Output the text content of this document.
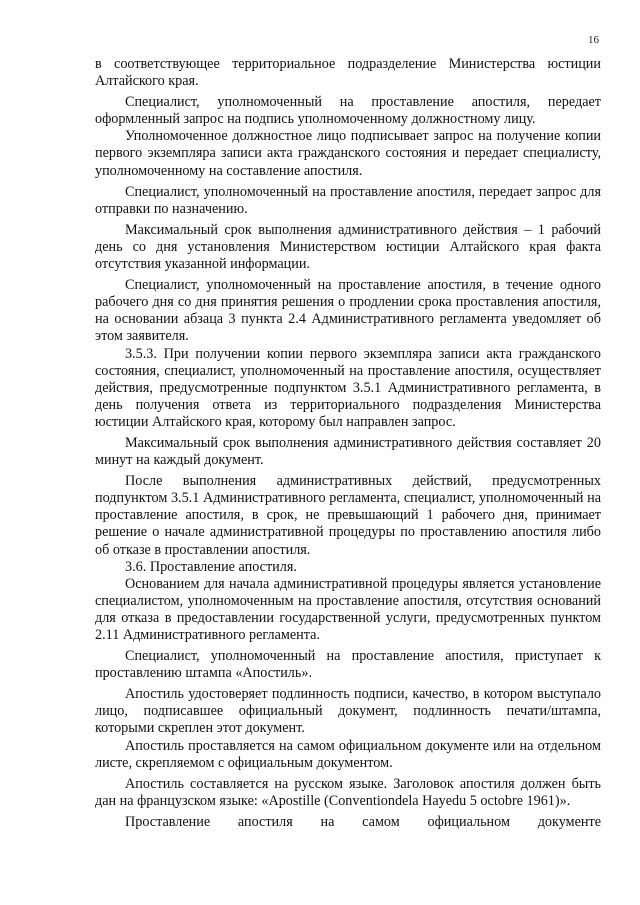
16

в соответствующее территориальное подразделение Министерства юстиции Алтайского края.

Специалист, уполномоченный на проставление апостиля, передает оформленный запрос на подпись уполномоченному должностному лицу.

Уполномоченное должностное лицо подписывает запрос на получение копии первого экземпляра записи акта гражданского состояния и передает специалисту, уполномоченному на составление апостиля.

Специалист, уполномоченный на проставление апостиля, передает запрос для отправки по назначению.

Максимальный срок выполнения административного действия – 1 рабочий день со дня установления Министерством юстиции Алтайского края факта отсутствия указанной информации.

Специалист, уполномоченный на проставление апостиля, в течение одного рабочего дня со дня принятия решения о продлении срока проставления апостиля, на основании абзаца 3 пункта 2.4 Административного регламента уведомляет об этом заявителя.

3.5.3. При получении копии первого экземпляра записи акта гражданского состояния, специалист, уполномоченный на проставление апостиля, осуществляет действия, предусмотренные подпунктом 3.5.1 Административного регламента, в день получения ответа из территориального подразделения Министерства юстиции Алтайского края, которому был направлен запрос.

Максимальный срок выполнения административного действия составляет 20 минут на каждый документ.

После выполнения административных действий, предусмотренных подпунктом 3.5.1 Административного регламента, специалист, уполномоченный на проставление апостиля, в срок, не превышающий 1 рабочего дня, принимает решение о начале административной процедуры по проставлению апостиля либо об отказе в проставлении апостиля.

3.6. Проставление апостиля.

Основанием для начала административной процедуры является установление специалистом, уполномоченным на проставление апостиля, отсутствия оснований для отказа в предоставлении государственной услуги, предусмотренных пунктом 2.11 Административного регламента.

Специалист, уполномоченный на проставление апостиля, приступает к проставлению штампа «Апостиль».

Апостиль удостоверяет подлинность подписи, качество, в котором выступало лицо, подписавшее официальный документ, подлинность печати/штампа, которыми скреплен этот документ.

Апостиль проставляется на самом официальном документе или на отдельном листе, скрепляемом с официальным документом.

Апостиль составляется на русском языке. Заголовок апостиля должен быть дан на французском языке: «Apostille (Conventiondela Hayedu 5 octobre 1961)».

Проставление апостиля на самом официальном документе
